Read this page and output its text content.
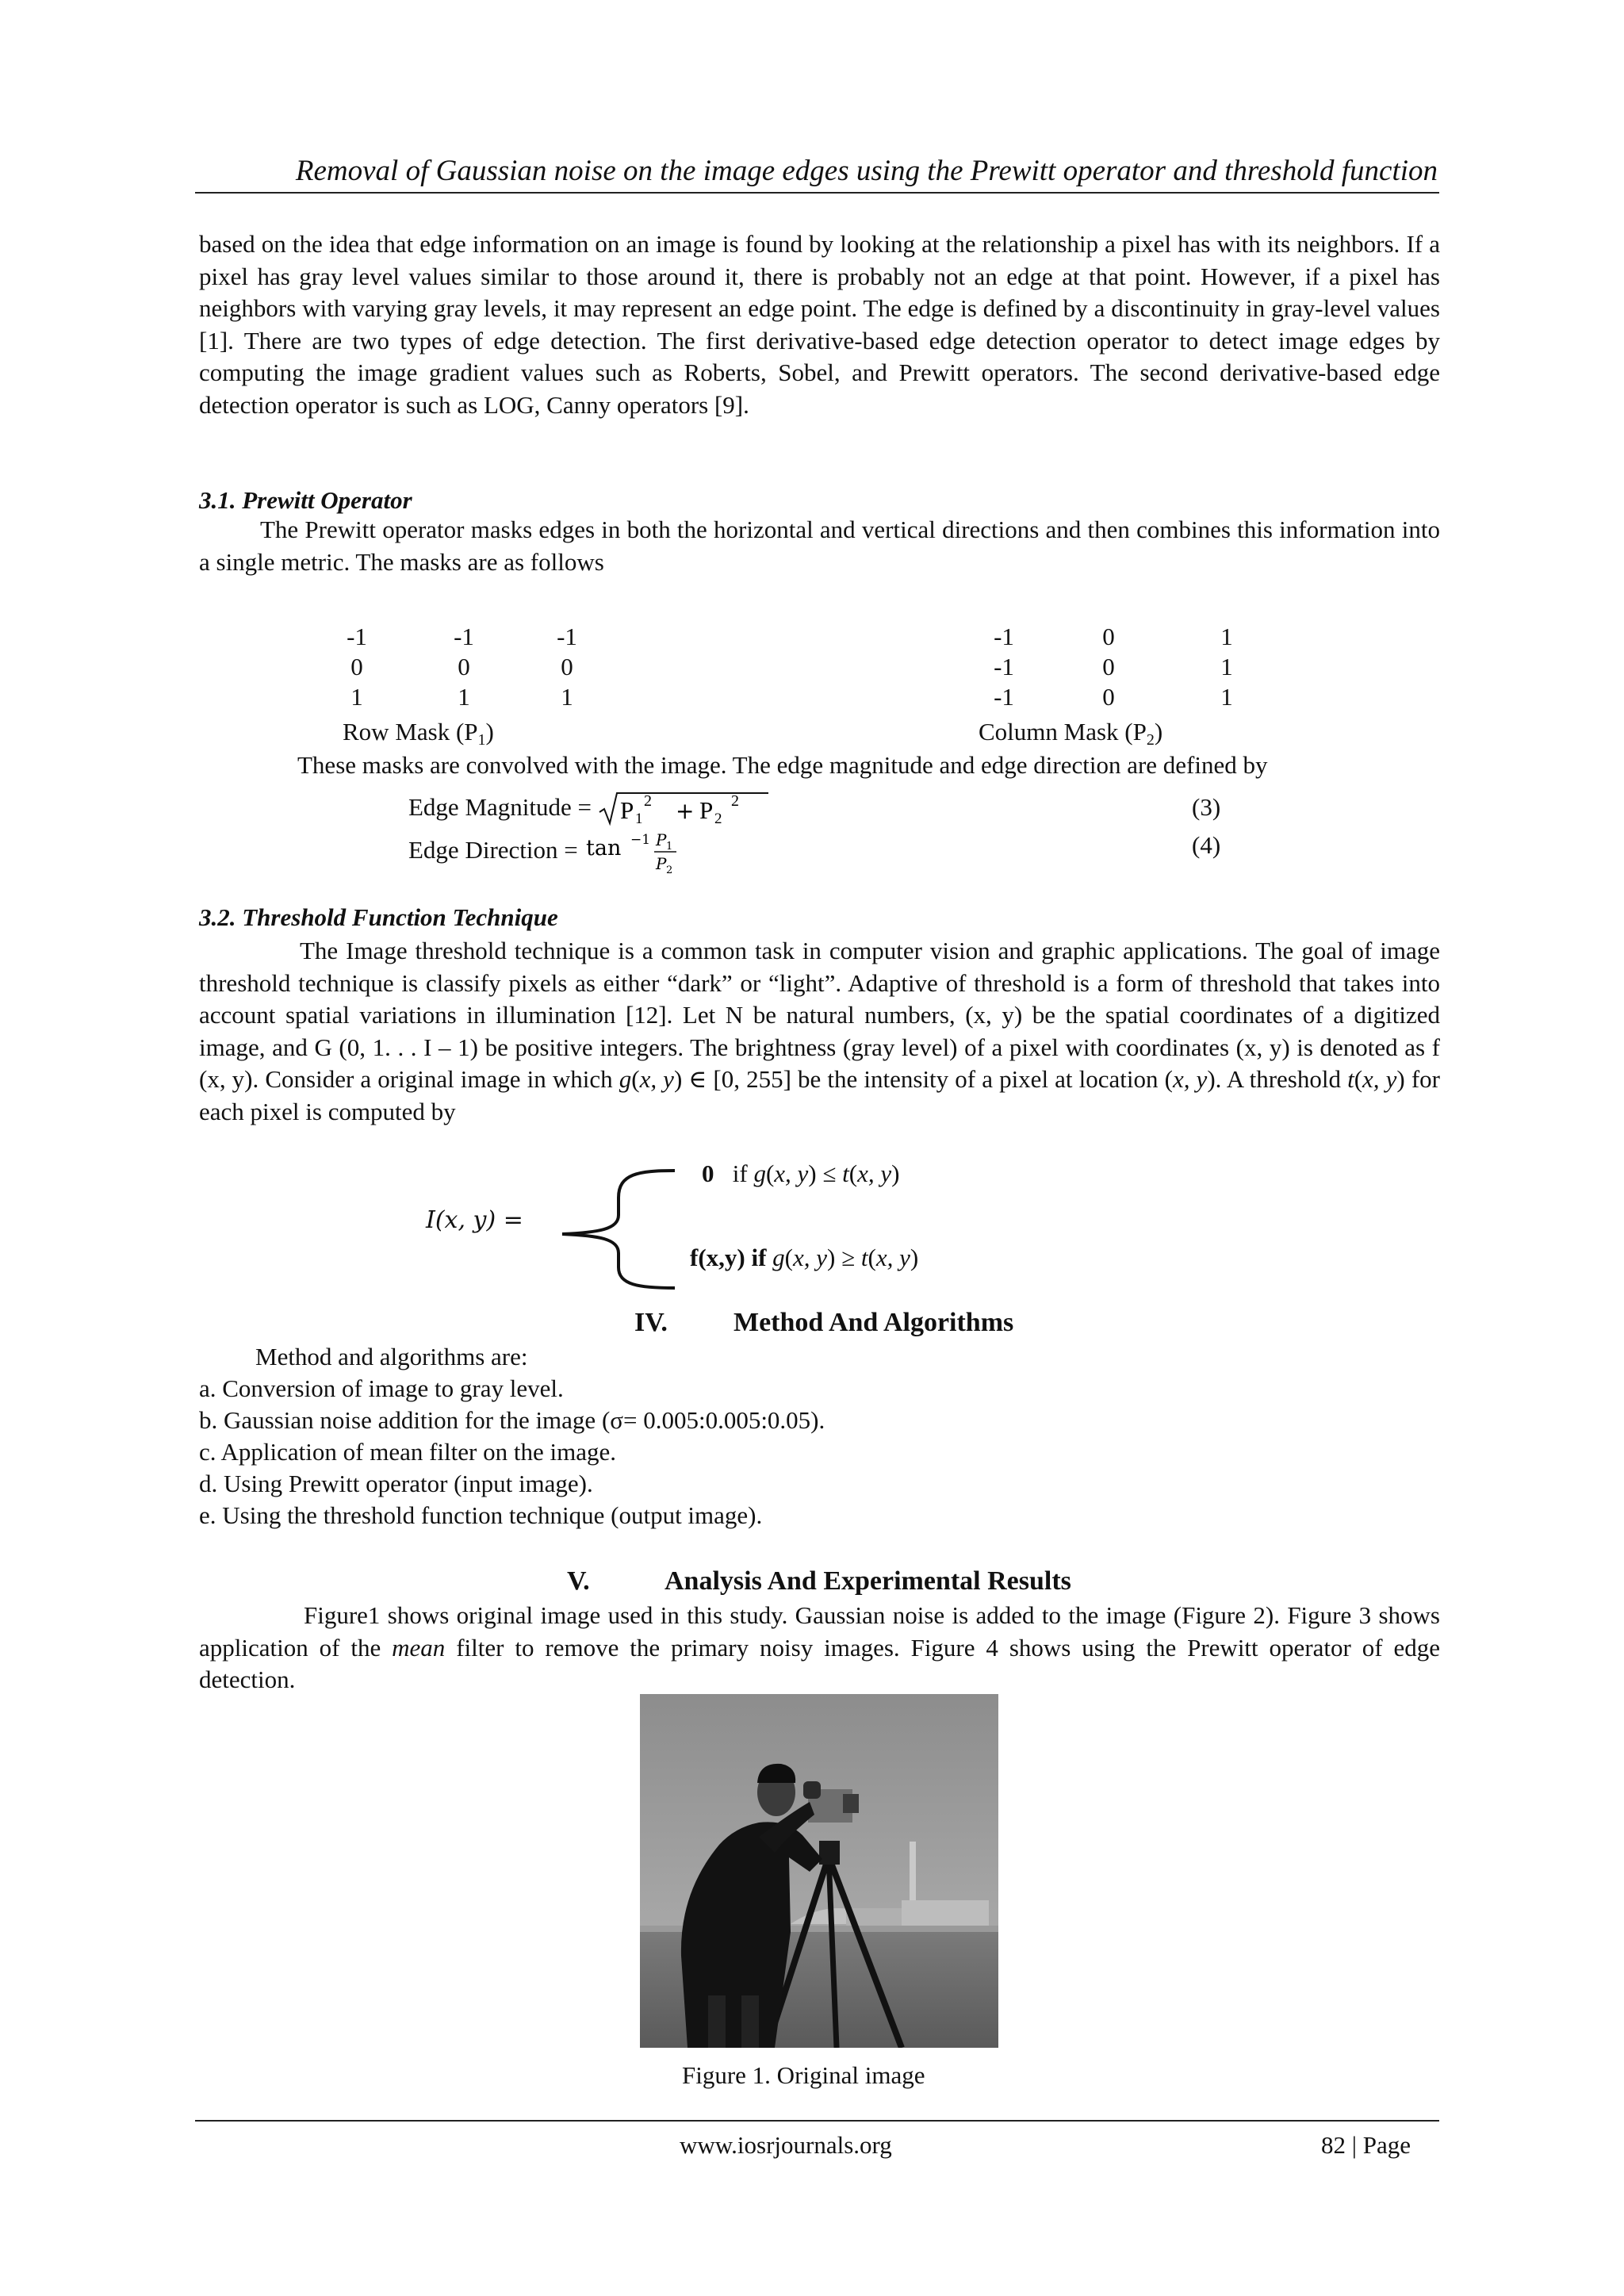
Removal of Gaussian noise on the image edges using the Prewitt operator and threshold function
based on the idea that edge information on an image is found by looking at the relationship a pixel has with its neighbors. If a pixel has gray level values similar to those around it, there is probably not an edge at that point. However, if a pixel has neighbors with varying gray levels, it may represent an edge point. The edge is defined by a discontinuity in gray-level values [1]. There are two types of edge detection. The first derivative-based edge detection operator to detect image edges by computing the image gradient values such as Roberts, Sobel, and Prewitt operators. The second derivative-based edge detection operator is such as LOG, Canny operators [9].
3.1. Prewitt Operator
The Prewitt operator masks edges in both the horizontal and vertical directions and then combines this information into a single metric. The masks are as follows
-1	-1	-1
0	0	0
1	1	1
Row Mask $(P_1)$
-1	0	1
-1	0	1
-1	0	1
Column Mask $(P_2)$
These masks are convolved with the image. The edge magnitude and edge direction are defined by
Edge Magnitude = P 1
2 + P 2
2	(3)
Edge Direction = tan −1 P 1
P 2
(4)
3.2. Threshold Function Technique
The Image threshold technique is a common task in computer vision and graphic applications. The goal of image threshold technique is classify pixels as either “dark” or “light”. Adaptive of threshold is a form of threshold that takes into account spatial variations in illumination [12]. Let N be natural numbers, (x, y) be the spatial coordinates of a digitized image, and G (0, 1. . . I – 1) be positive integers. The brightness (gray level) of a pixel with coordinates (x, y) is denoted as f (x, y). Consider a original image in which g(x, y) ∈ [0, 255] be the intensity of a pixel at location (x, y). A threshold t(x, y) for each pixel is computed by
I(x, y) =
0 if g(x, y) ≤ t(x, y)
f(x,y) if g(x, y) ≥ t(x, y)
IV. Method And Algorithms
Method and algorithms are:
a. Conversion of image to gray level.
b. Gaussian noise addition for the image (σ= 0.005:0.005:0.05).
c. Application of mean filter on the image.
d. Using Prewitt operator (input image).
e. Using the threshold function technique (output image).
V.	Analysis And Experimental Results
Figure1 shows original image used in this study. Gaussian noise is added to the image (Figure 2). Figure 3 shows application of the mean filter to remove the primary noisy images. Figure 4 shows using the Prewitt operator of edge detection.
Figure 1. Original image
www.iosrjournals.org	82 | Page
